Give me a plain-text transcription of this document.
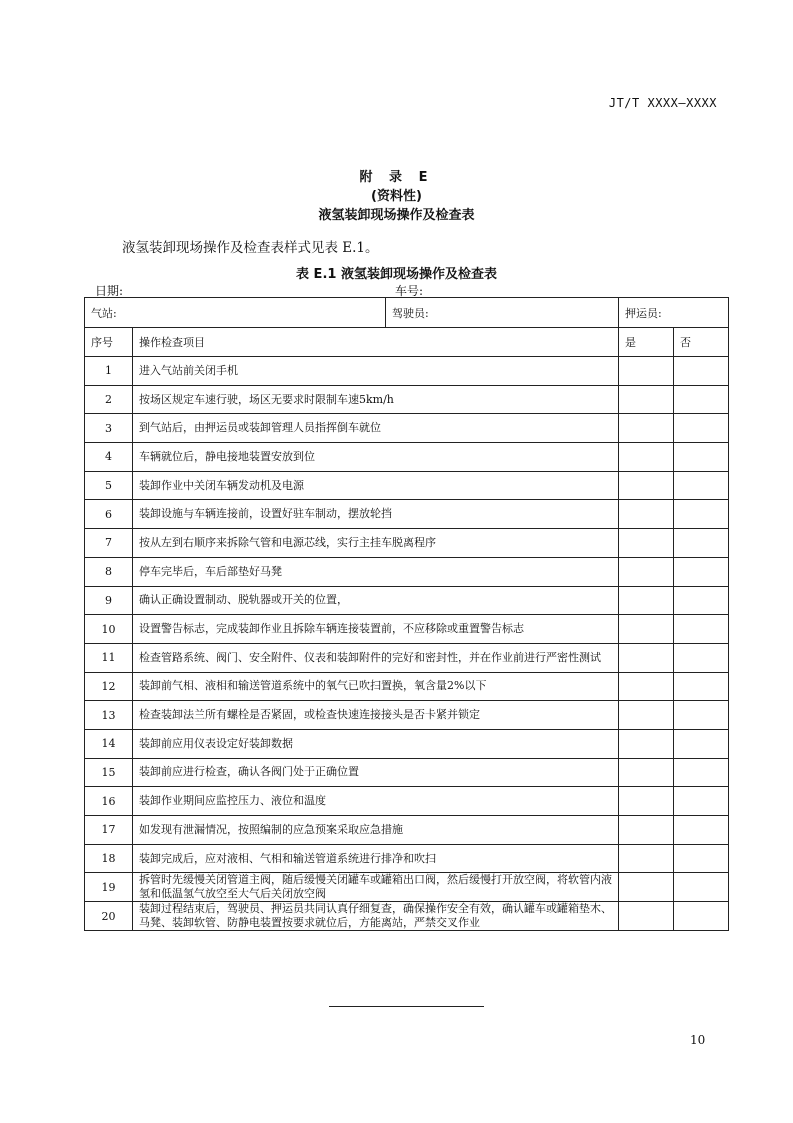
JT/T XXXX—XXXX
附 录 E
(资料性)
液氢装卸现场操作及检查表
液氢装卸现场操作及检查表样式见表 E.1。
表 E.1 液氢装卸现场操作及检查表
日期:	车号:
气站: 驾驶员:		押运员:	
序号	操作检查项目	是	否
1	进入气站前关闭手机		
2	按场区规定车速行驶，场区无要求时限制车速5km/h		
3	到气站后，由押运员或装卸管理人员指挥倒车就位		
4	车辆就位后，静电接地装置安放到位		
5	装卸作业中关闭车辆发动机及电源		
6	装卸设施与车辆连接前，设置好驻车制动，摆放轮挡		
7	按从左到右顺序来拆除气管和电源芯线，实行主挂车脱离程序		
8	停车完毕后，车后部垫好马凳		
9	确认正确设置制动、脱轨器或开关的位置，		
10	设置警告标志，完成装卸作业且拆除车辆连接装置前，不应移除或重置警告标志		
11	检查管路系统、阀门、安全附件、仪表和装卸附件的完好和密封性，并在作业前进行严密性测试		
12	装卸前气相、液相和输送管道系统中的氧气已吹扫置换，氧含量2%以下		
13	检查装卸法兰所有螺栓是否紧固，或检查快速连接接头是否卡紧并锁定		
14	装卸前应用仪表设定好装卸数据		
15	装卸前应进行检查，确认各阀门处于正确位置		
16	装卸作业期间应监控压力、液位和温度		
17	如发现有泄漏情况，按照编制的应急预案采取应急措施		
18	装卸完成后，应对液相、气相和输送管道系统进行排净和吹扫		
19	拆管时先缓慢关闭管道主阀，随后缓慢关闭罐车或罐箱出口阀，然后缓慢打开放空阀，将软管内液氢和低温氢气放空至大气后关闭放空阀		
20	装卸过程结束后，驾驶员、押运员共同认真仔细复查，确保操作安全有效，确认罐车或罐箱垫木、马凳、装卸软管、防静电装置按要求就位后，方能离站，严禁交叉作业		
10
